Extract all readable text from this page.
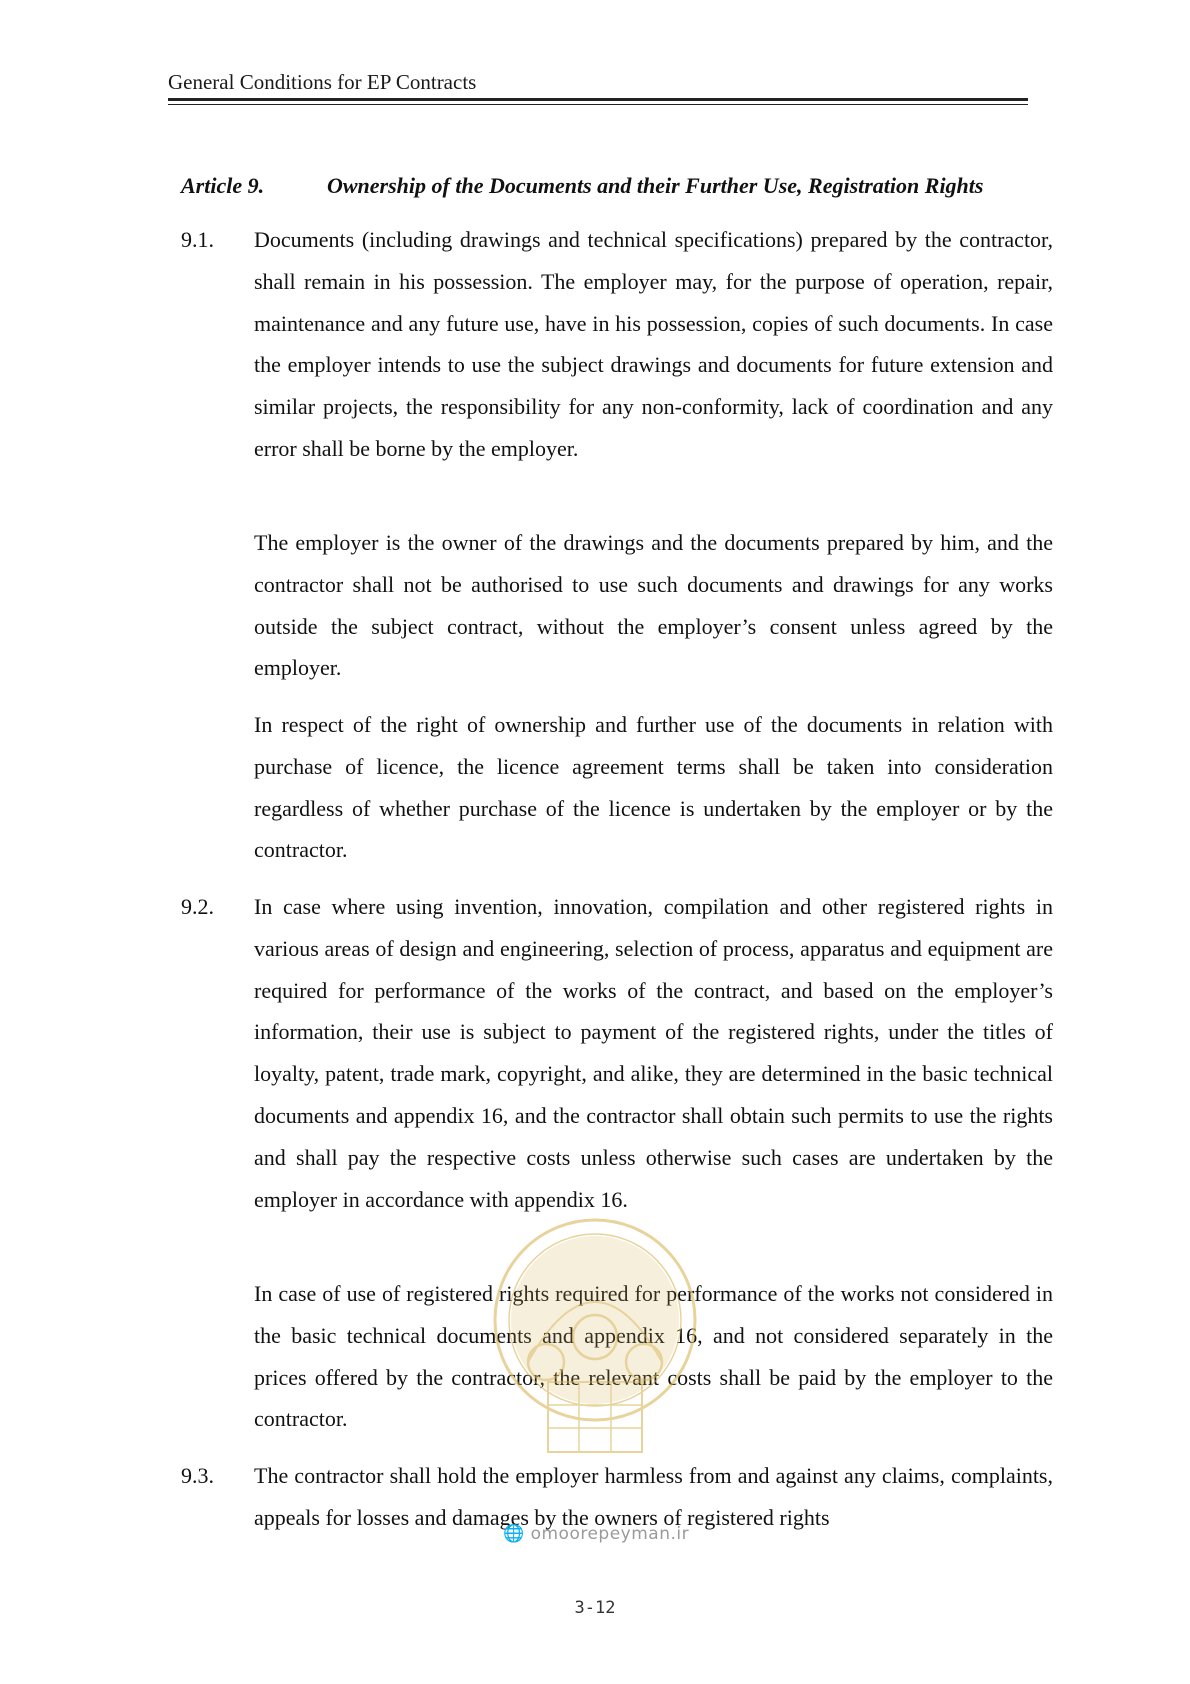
General Conditions for EP Contracts
Article 9.	Ownership of the Documents and their Further Use, Registration Rights
9.1. Documents (including drawings and technical specifications) prepared by the contractor, shall remain in his possession. The employer may, for the purpose of operation, repair, maintenance and any future use, have in his possession, copies of such documents. In case the employer intends to use the subject drawings and documents for future extension and similar projects, the responsibility for any non-conformity, lack of coordination and any error shall be borne by the employer.

The employer is the owner of the drawings and the documents prepared by him, and the contractor shall not be authorised to use such documents and drawings for any works outside the subject contract, without the employer’s consent unless agreed by the employer.

In respect of the right of ownership and further use of the documents in relation with purchase of licence, the licence agreement terms shall be taken into consideration regardless of whether purchase of the licence is undertaken by the employer or by the contractor.

9.2. In case where using invention, innovation, compilation and other registered rights in various areas of design and engineering, selection of process, apparatus and equipment are required for performance of the works of the contract, and based on the employer’s information, their use is subject to payment of the registered rights, under the titles of loyalty, patent, trade mark, copyright, and alike, they are determined in the basic technical documents and appendix 16, and the contractor shall obtain such permits to use the rights and shall pay the respective costs unless otherwise such cases are undertaken by the employer in accordance with appendix 16.

In case of use of registered rights required for performance of the works not considered in the basic technical documents and appendix 16, and not considered separately in the prices offered by the contractor, the relevant costs shall be paid by the employer to the contractor.

9.3. The contractor shall hold the employer harmless from and against any claims, complaints, appeals for losses and damages by the owners of registered rights

🌐 omoorepeyman.ir
3-12
